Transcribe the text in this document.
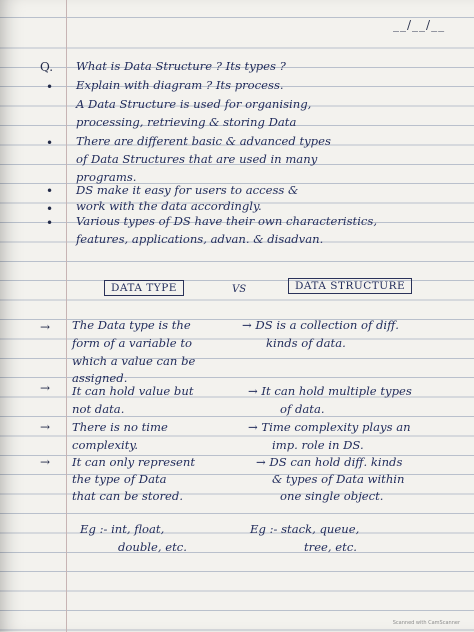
__/__/__
Q.
•
•
•
•
•
What is Data Structure ? Its types ?
Explain with diagram ? Its process.
A Data Structure is used for organising,
processing, retrieving & storing Data
There are different basic & advanced types
of Data Structures that are used in many
programs.
DS make it easy for users to access &
work with the data accordingly.
Various types of DS have their own characteristics,
features, applications, advan. & disadvan.
DATA TYPE	VS	DATA STRUCTURE
→
→
→
→
The Data type is the
form of a variable to
which a value can be
assigned.
It can hold value but
not data.
There is no time
complexity.
It can only represent
the type of Data
that can be stored.
→ DS is a collection of diff.
kinds of data.
→ It can hold multiple types
of data.
→ Time complexity plays an
imp. role in DS.
→ DS can hold diff. kinds
& types of Data within
one single object.
Eg :- int, float,
double, etc.
Eg :- stack, queue,
tree, etc.
Scanned with CamScanner
